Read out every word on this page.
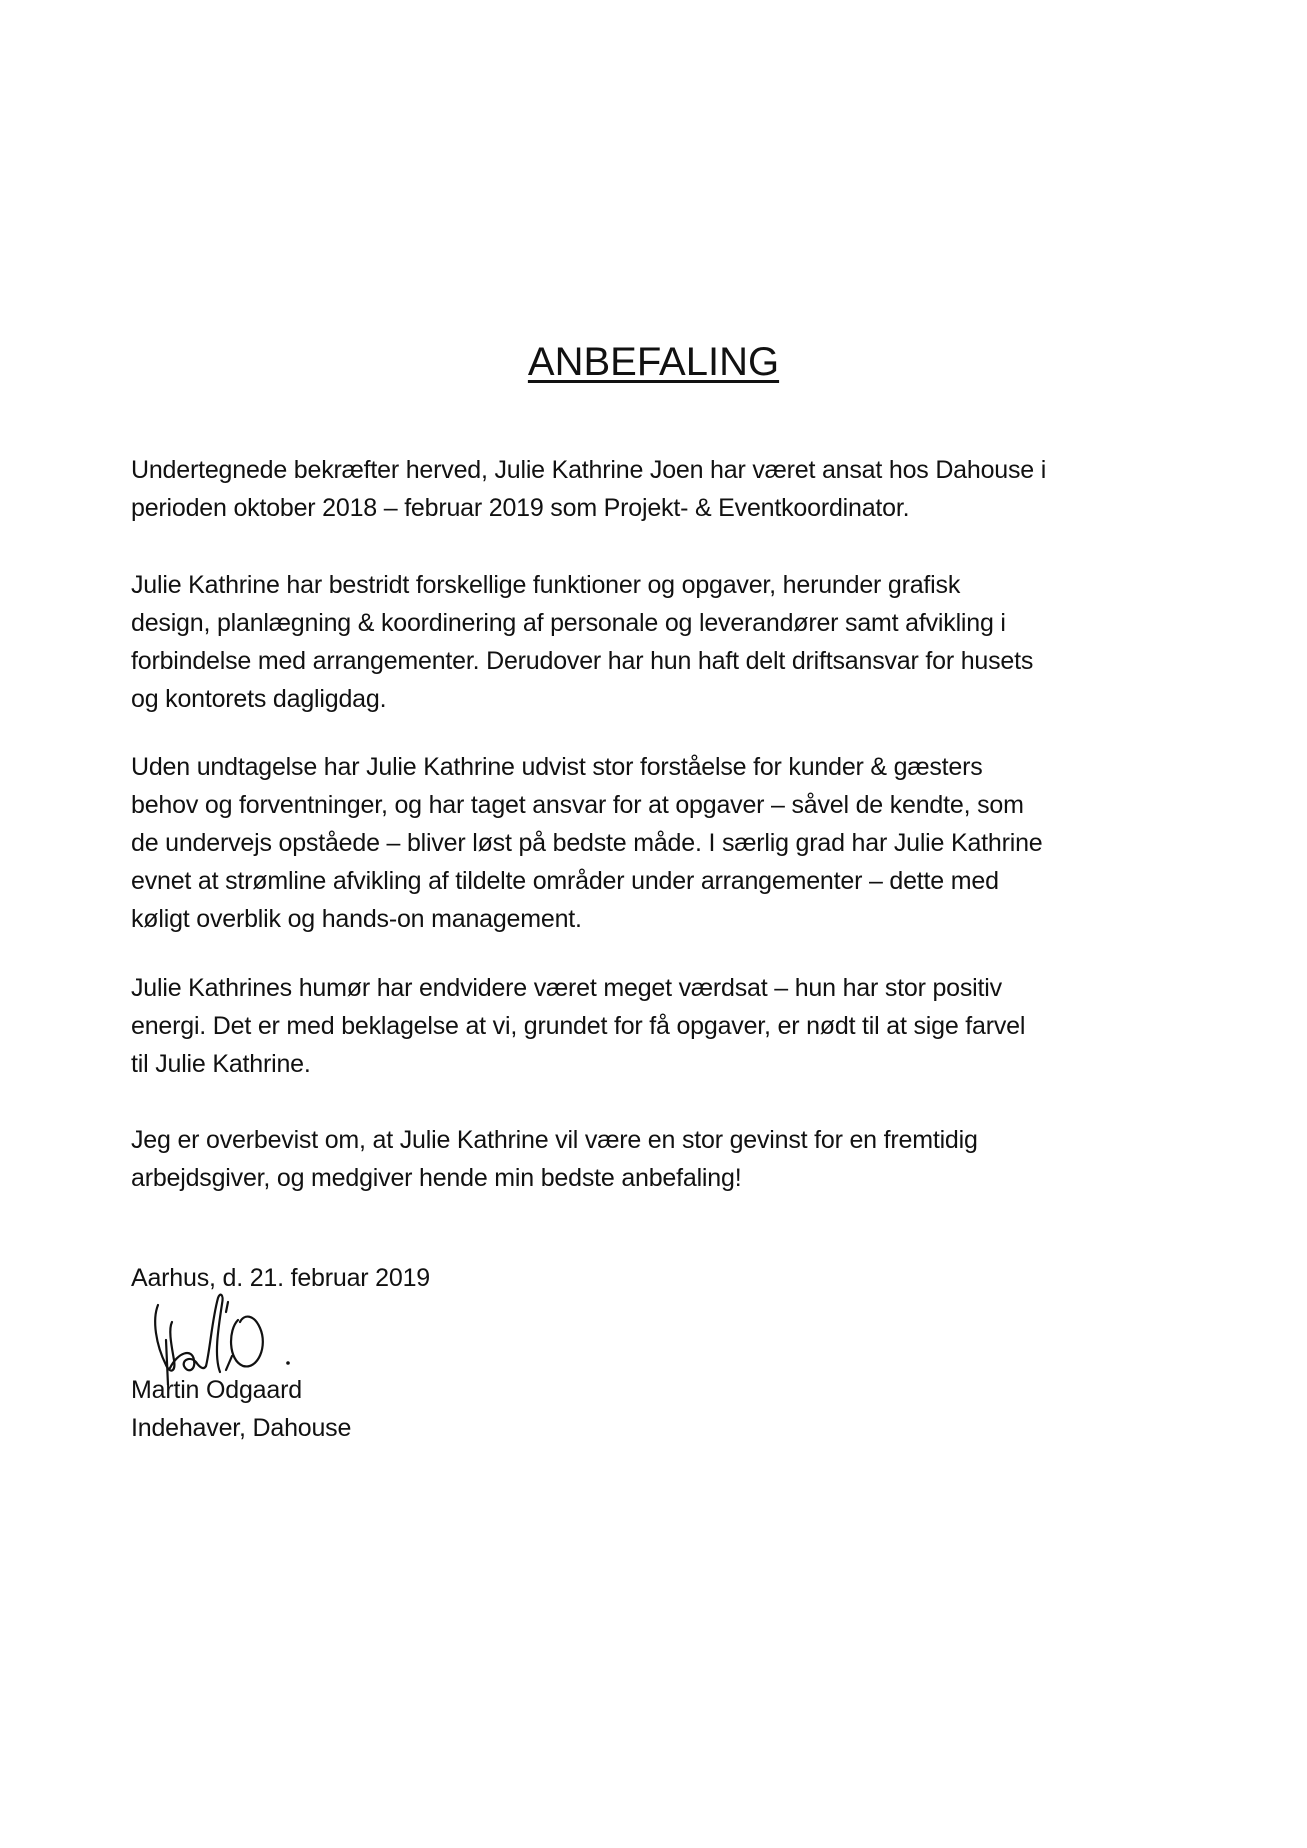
ANBEFALING
Undertegnede bekræfter herved, Julie Kathrine Joen har været ansat hos Dahouse i
perioden oktober 2018 – februar 2019 som Projekt- & Eventkoordinator.
Julie Kathrine har bestridt forskellige funktioner og opgaver, herunder grafisk
design, planlægning & koordinering af personale og leverandører samt afvikling i
forbindelse med arrangementer. Derudover har hun haft delt driftsansvar for husets
og kontorets dagligdag.
Uden undtagelse har Julie Kathrine udvist stor forståelse for kunder & gæsters
behov og forventninger, og har taget ansvar for at opgaver – såvel de kendte, som
de undervejs opståede – bliver løst på bedste måde. I særlig grad har Julie Kathrine
evnet at strømline afvikling af tildelte områder under arrangementer – dette med
køligt overblik og hands-on management.
Julie Kathrines humør har endvidere været meget værdsat – hun har stor positiv
energi. Det er med beklagelse at vi, grundet for få opgaver, er nødt til at sige farvel
til Julie Kathrine.
Jeg er overbevist om, at Julie Kathrine vil være en stor gevinst for en fremtidig
arbejdsgiver, og medgiver hende min bedste anbefaling!
Aarhus, d. 21. februar 2019
Martin Odgaard
Indehaver, Dahouse
